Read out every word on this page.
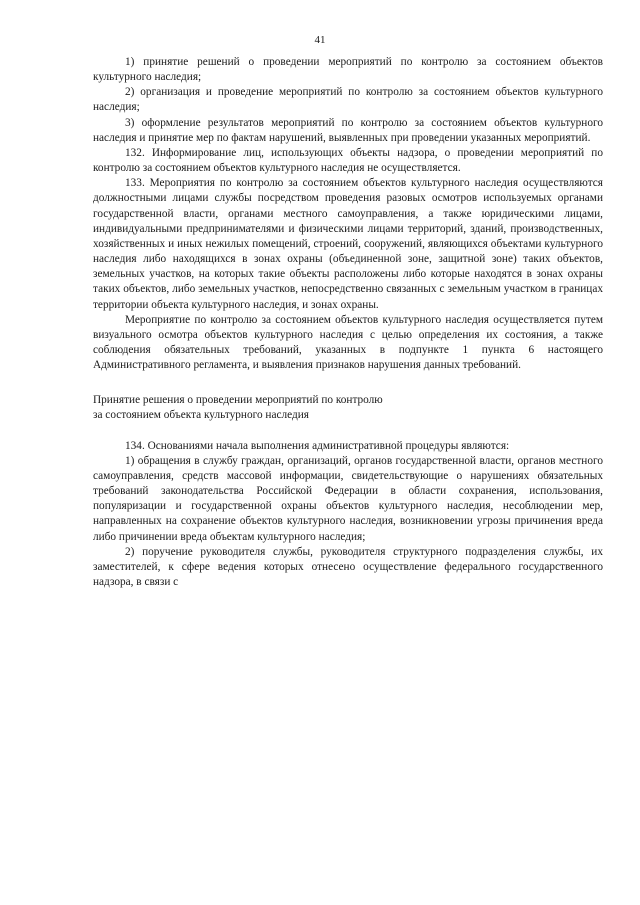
41

1) принятие решений о проведении мероприятий по контролю за состоянием объектов культурного наследия;

2) организация и проведение мероприятий по контролю за состоянием объектов культурного наследия;

3) оформление результатов мероприятий по контролю за состоянием объектов культурного наследия и принятие мер по фактам нарушений, выявленных при проведении указанных мероприятий.

132. Информирование лиц, использующих объекты надзора, о проведении мероприятий по контролю за состоянием объектов культурного наследия не осуществляется.

133. Мероприятия по контролю за состоянием объектов культурного наследия осуществляются должностными лицами службы посредством проведения разовых осмотров используемых органами государственной власти, органами местного самоуправления, а также юридическими лицами, индивидуальными предпринимателями и физическими лицами территорий, зданий, производственных, хозяйственных и иных нежилых помещений, строений, сооружений, являющихся объектами культурного наследия либо находящихся в зонах охраны (объединенной зоне, защитной зоне) таких объектов, земельных участков, на которых такие объекты расположены либо которые находятся в зонах охраны таких объектов, либо земельных участков, непосредственно связанных с земельным участком в границах территории объекта культурного наследия, и зонах охраны.

Мероприятие по контролю за состоянием объектов культурного наследия осуществляется путем визуального осмотра объектов культурного наследия с целью определения их состояния, а также соблюдения обязательных требований, указанных в подпункте 1 пункта 6 настоящего Административного регламента, и выявления признаков нарушения данных требований.

Принятие решения о проведении мероприятий по контролю
за состоянием объекта культурного наследия

134. Основаниями начала выполнения административной процедуры являются:

1) обращения в службу граждан, организаций, органов государственной власти, органов местного самоуправления, средств массовой информации, свидетельствующие о нарушениях обязательных требований законодательства Российской Федерации в области сохранения, использования, популяризации и государственной охраны объектов культурного наследия, несоблюдении мер, направленных на сохранение объектов культурного наследия, возникновении угрозы причинения вреда либо причинении вреда объектам культурного наследия;

2) поручение руководителя службы, руководителя структурного подразделения службы, их заместителей, к сфере ведения которых отнесено осуществление федерального государственного надзора, в связи с
